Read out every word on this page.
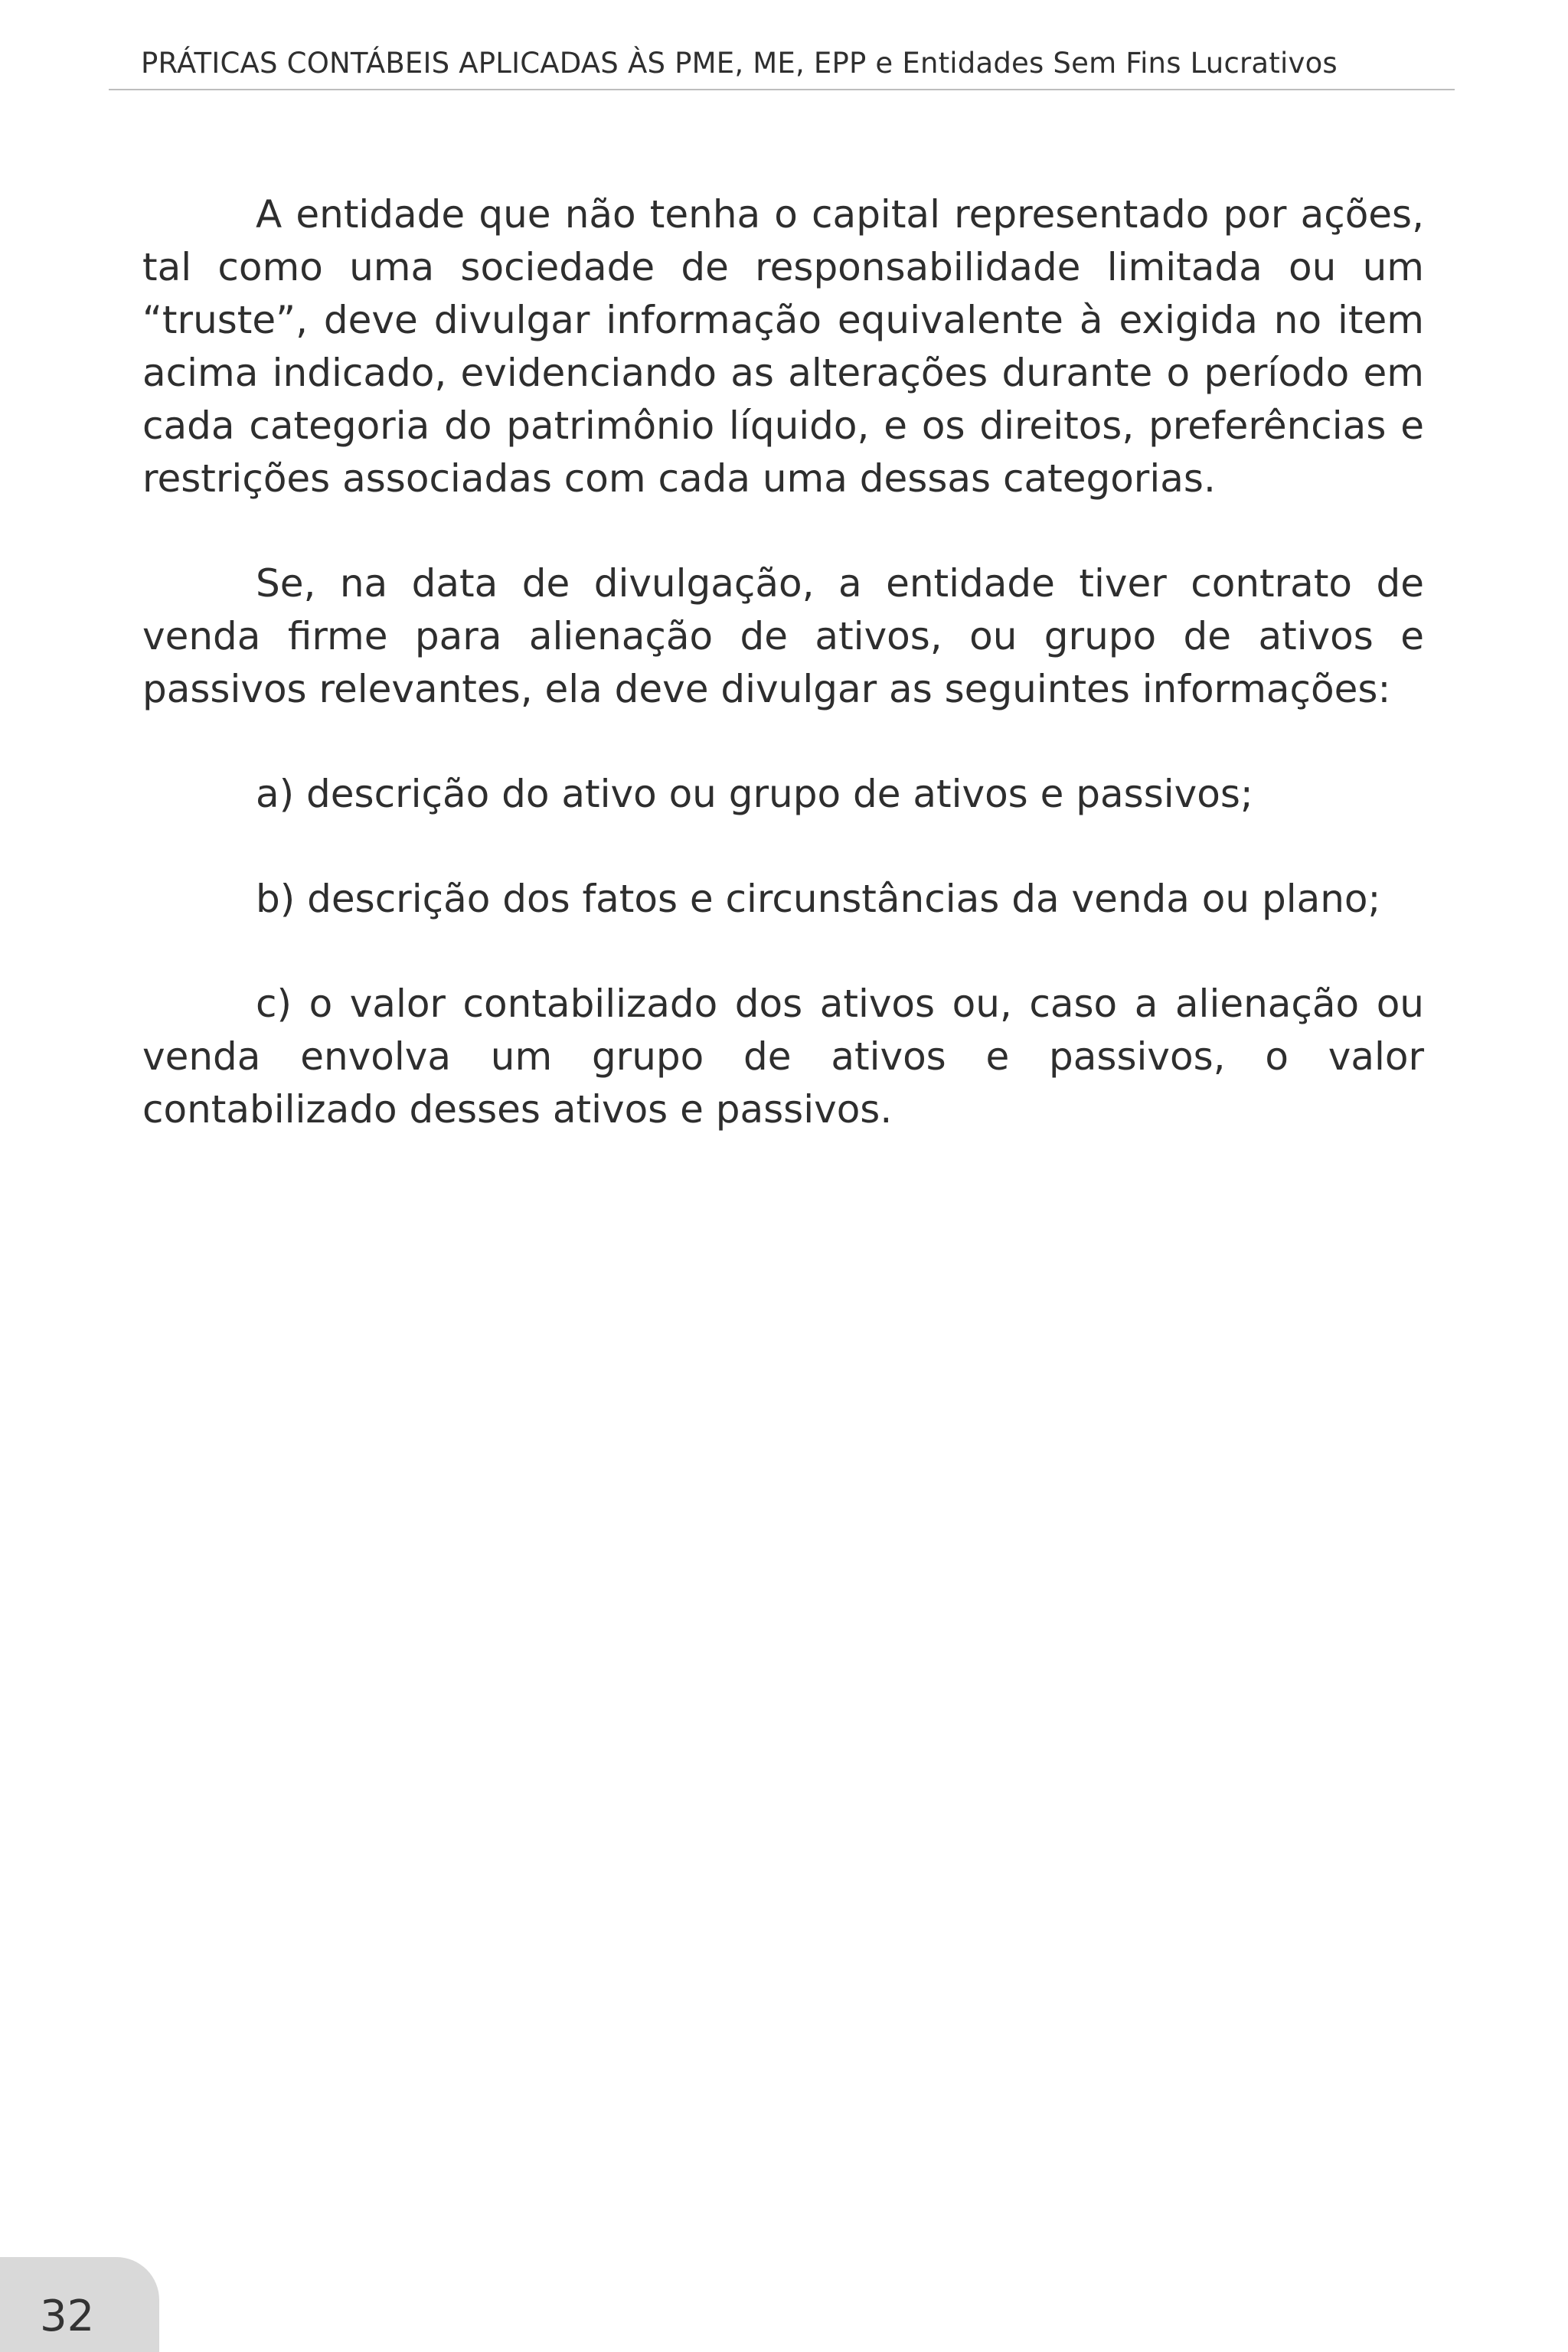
PRÁTICAS CONTÁBEIS APLICADAS ÀS PME, ME, EPP e Entidades Sem Fins Lucrativos

A entidade que não tenha o capital representado por ações, tal como uma sociedade de responsabilidade limitada ou um “truste”, deve divulgar informação equivalente à exigida no item acima indicado, evidenciando as alterações durante o período em cada categoria do patrimônio líquido, e os direitos, preferências e restrições associadas com cada uma dessas categorias.

Se, na data de divulgação, a entidade tiver contrato de venda firme para alienação de ativos, ou grupo de ativos e passivos relevantes, ela deve divulgar as seguintes informações:

a) descrição do ativo ou grupo de ativos e passivos;

b) descrição dos fatos e circunstâncias da venda ou plano;

c) o valor contabilizado dos ativos ou, caso a alienação ou venda envolva um grupo de ativos e passivos, o valor contabilizado desses ativos e passivos.

32
